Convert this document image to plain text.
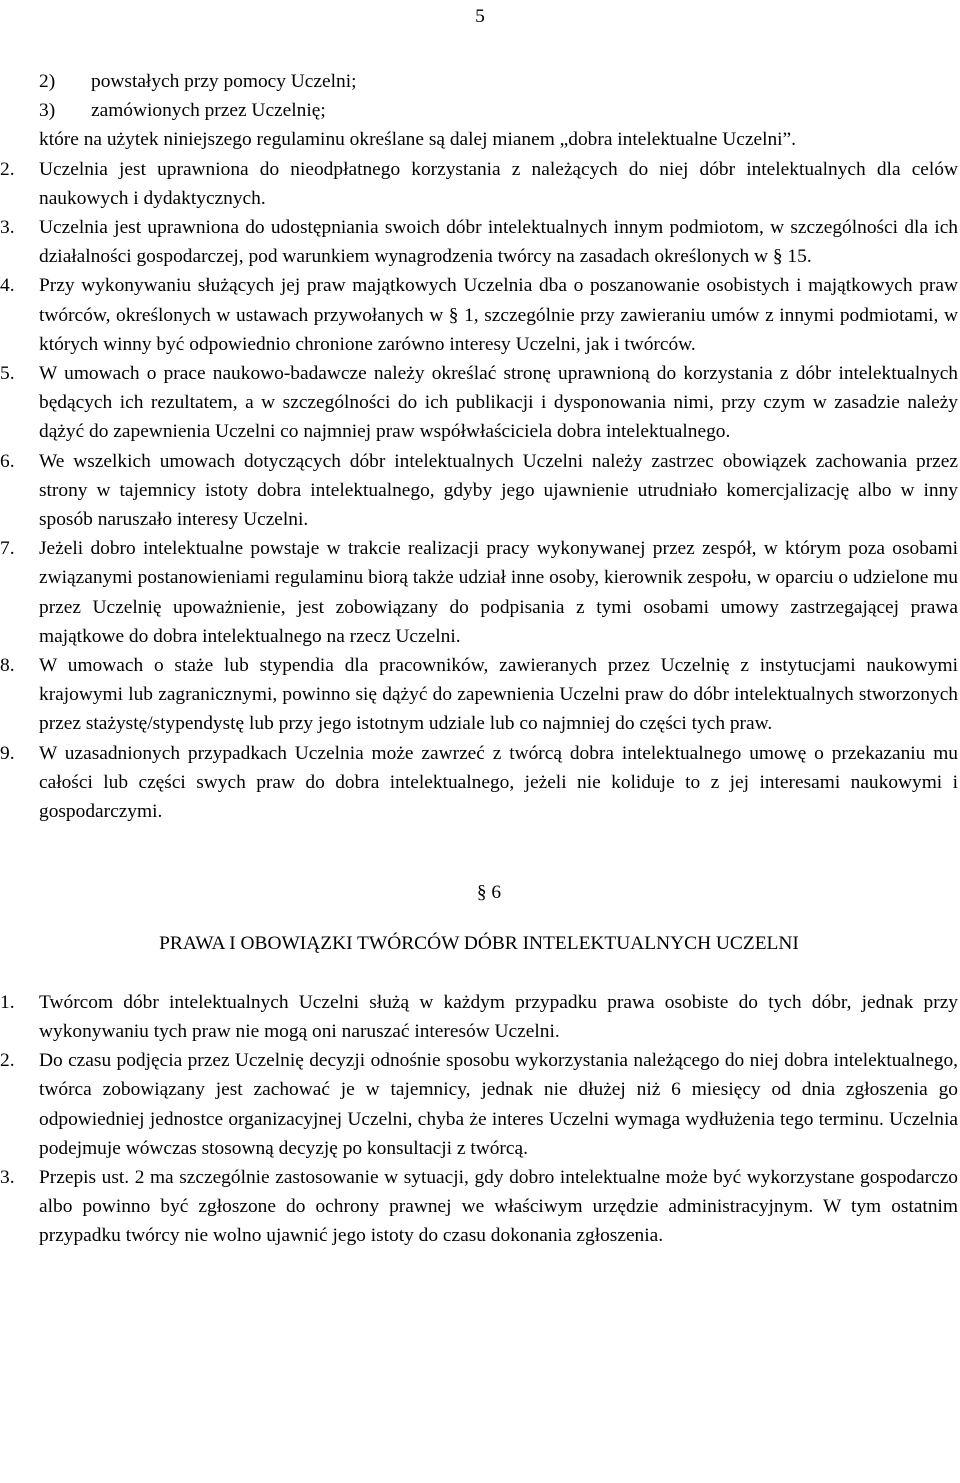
5
2) powstałych przy pomocy Uczelni;
3) zamówionych przez Uczelnię;
które na użytek niniejszego regulaminu określane są dalej mianem „dobra intelektualne Uczelni”.
2. Uczelnia jest uprawniona do nieodpłatnego korzystania z należących do niej dóbr intelektualnych dla celów naukowych i dydaktycznych.
3. Uczelnia jest uprawniona do udostępniania swoich dóbr intelektualnych innym podmiotom, w szczególności dla ich działalności gospodarczej, pod warunkiem wynagrodzenia twórcy na zasadach określonych w § 15.
4. Przy wykonywaniu służących jej praw majątkowych Uczelnia dba o poszanowanie osobistych i majątkowych praw twórców, określonych w ustawach przywołanych w § 1, szczególnie przy zawieraniu umów z innymi podmiotami, w których winny być odpowiednio chronione zarówno interesy Uczelni, jak i twórców.
5. W umowach o prace naukowo-badawcze należy określać stronę uprawnioną do korzystania z dóbr intelektualnych będących ich rezultatem, a w szczególności do ich publikacji i dysponowania nimi, przy czym w zasadzie należy dążyć do zapewnienia Uczelni co najmniej praw współwłaściciela dobra intelektualnego.
6. We wszelkich umowach dotyczących dóbr intelektualnych Uczelni należy zastrzec obowiązek zachowania przez strony w tajemnicy istoty dobra intelektualnego, gdyby jego ujawnienie utrudniało komercjalizację albo w inny sposób naruszało interesy Uczelni.
7. Jeżeli dobro intelektualne powstaje w trakcie realizacji pracy wykonywanej przez zespół, w którym poza osobami związanymi postanowieniami regulaminu biorą także udział inne osoby, kierownik zespołu, w oparciu o udzielone mu przez Uczelnię upoważnienie, jest zobowiązany do podpisania z tymi osobami umowy zastrzegającej prawa majątkowe do dobra intelektualnego na rzecz Uczelni.
8. W umowach o staże lub stypendia dla pracowników, zawieranych przez Uczelnię z instytucjami naukowymi krajowymi lub zagranicznymi, powinno się dążyć do zapewnienia Uczelni praw do dóbr intelektualnych stworzonych przez stażystę/stypendystę lub przy jego istotnym udziale lub co najmniej do części tych praw.
9. W uzasadnionych przypadkach Uczelnia może zawrzeć z twórcą dobra intelektualnego umowę o przekazaniu mu całości lub części swych praw do dobra intelektualnego, jeżeli nie koliduje to z jej interesami naukowymi i gospodarczymi.
§ 6
PRAWA I OBOWIĄZKI TWÓRCÓW DÓBR INTELEKTUALNYCH UCZELNI
1. Twórcom dóbr intelektualnych Uczelni służą w każdym przypadku prawa osobiste do tych dóbr, jednak przy wykonywaniu tych praw nie mogą oni naruszać interesów Uczelni.
2. Do czasu podjęcia przez Uczelnię decyzji odnośnie sposobu wykorzystania należącego do niej dobra intelektualnego, twórca zobowiązany jest zachować je w tajemnicy, jednak nie dłużej niż 6 miesięcy od dnia zgłoszenia go odpowiedniej jednostce organizacyjnej Uczelni, chyba że interes Uczelni wymaga wydłużenia tego terminu. Uczelnia podejmuje wówczas stosowną decyzję po konsultacji z twórcą.
3. Przepis ust. 2 ma szczególnie zastosowanie w sytuacji, gdy dobro intelektualne może być wykorzystane gospodarczo albo powinno być zgłoszone do ochrony prawnej we właściwym urzędzie administracyjnym. W tym ostatnim przypadku twórcy nie wolno ujawnić jego istoty do czasu dokonania zgłoszenia.
